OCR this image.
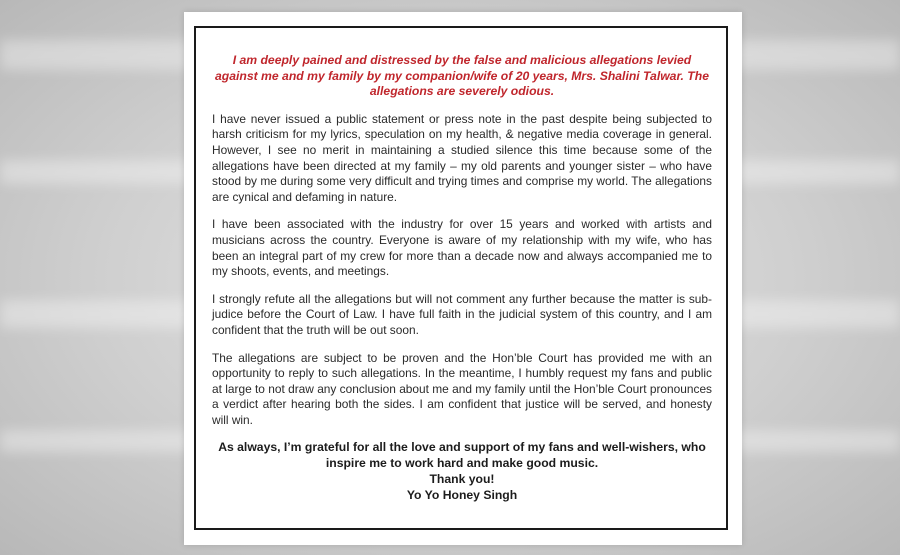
I am deeply pained and distressed by the false and malicious allegations levied against me and my family by my companion/wife of 20 years, Mrs. Shalini Talwar. The allegations are severely odious.

I have never issued a public statement or press note in the past despite being subjected to harsh criticism for my lyrics, speculation on my health, & negative media coverage in general. However, I see no merit in maintaining a studied silence this time because some of the allegations have been directed at my family – my old parents and younger sister – who have stood by me during some very difficult and trying times and comprise my world. The allegations are cynical and defaming in nature.

I have been associated with the industry for over 15 years and worked with artists and musicians across the country. Everyone is aware of my relationship with my wife, who has been an integral part of my crew for more than a decade now and always accompanied me to my shoots, events, and meetings.

I strongly refute all the allegations but will not comment any further because the matter is sub-judice before the Court of Law. I have full faith in the judicial system of this country, and I am confident that the truth will be out soon.

The allegations are subject to be proven and the Hon’ble Court has provided me with an opportunity to reply to such allegations. In the meantime, I humbly request my fans and public at large to not draw any conclusion about me and my family until the Hon’ble Court pronounces a verdict after hearing both the sides. I am confident that justice will be served, and honesty will win.

As always, I’m grateful for all the love and support of my fans and well-wishers, who inspire me to work hard and make good music.
Thank you!
Yo Yo Honey Singh
